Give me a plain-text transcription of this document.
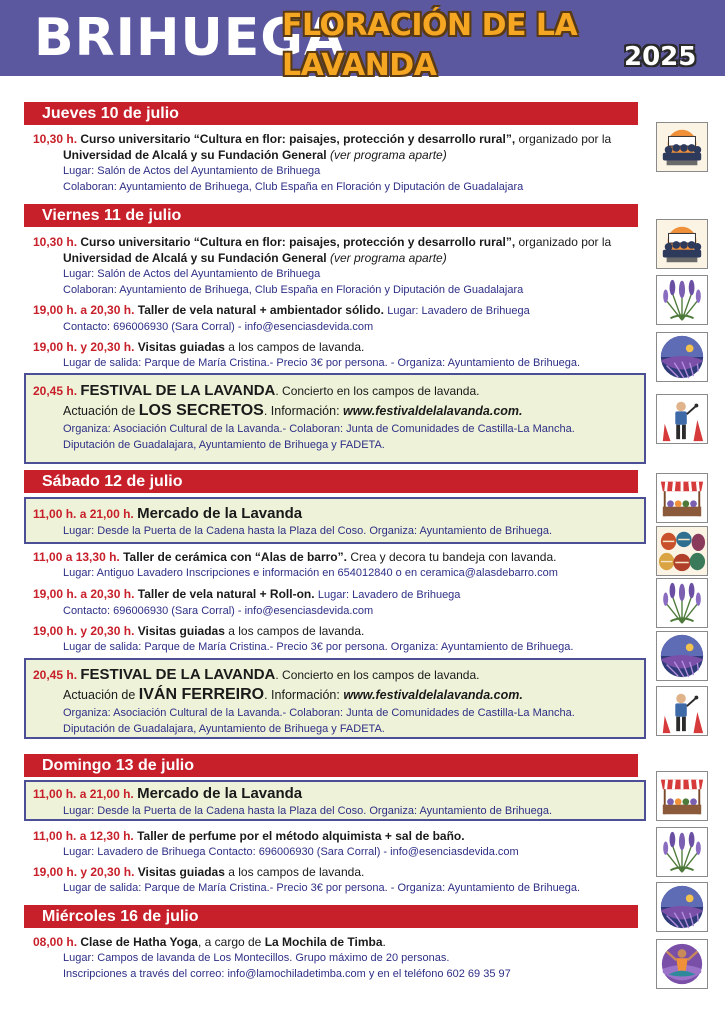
BRIHUEGA
FLORACIÓN DE LA LAVANDA	2025
Jueves 10 de julio
10,30 h. Curso universitario “Cultura en flor: paisajes, protección y desarrollo rural”, organizado por la
Universidad de Alcalá y su Fundación General (ver programa aparte)
Lugar: Salón de Actos del Ayuntamiento de Brihuega
Colaboran: Ayuntamiento de Brihuega, Club España en Floración y Diputación de Guadalajara
Viernes 11 de julio
10,30 h. Curso universitario “Cultura en flor: paisajes, protección y desarrollo rural”, organizado por la
Universidad de Alcalá y su Fundación General (ver programa aparte)
Lugar: Salón de Actos del Ayuntamiento de Brihuega
Colaboran: Ayuntamiento de Brihuega, Club España en Floración y Diputación de Guadalajara
19,00 h. a 20,30 h. Taller de vela natural + ambientador sólido. Lugar: Lavadero de Brihuega
Contacto: 696006930 (Sara Corral) - info@esenciasdevida.com
19,00 h. y 20,30 h. Visitas guiadas a los campos de lavanda.
Lugar de salida: Parque de María Cristina.- Precio 3€ por persona. - Organiza: Ayuntamiento de Brihuega.
20,45 h. FESTIVAL DE LA LAVANDA. Concierto en los campos de lavanda.
Actuación de LOS SECRETOS. Información: www.festivaldelalavanda.com.
Organiza: Asociación Cultural de la Lavanda.- Colaboran: Junta de Comunidades de Castilla-La Mancha.
Diputación de Guadalajara, Ayuntamiento de Brihuega y FADETA.
Sábado 12 de julio
11,00 h. a 21,00 h. Mercado de la Lavanda
Lugar: Desde la Puerta de la Cadena hasta la Plaza del Coso. Organiza: Ayuntamiento de Brihuega.
11,00 a 13,30 h. Taller de cerámica con “Alas de barro”. Crea y decora tu bandeja con lavanda.
Lugar: Antiguo Lavadero Inscripciones e información en 654012840 o en ceramica@alasdebarro.com
19,00 h. a 20,30 h. Taller de vela natural + Roll-on. Lugar: Lavadero de Brihuega
Contacto: 696006930 (Sara Corral) - info@esenciasdevida.com
19,00 h. y 20,30 h. Visitas guiadas a los campos de lavanda.
Lugar de salida: Parque de María Cristina.- Precio 3€ por persona. Organiza: Ayuntamiento de Brihuega.
20,45 h. FESTIVAL DE LA LAVANDA. Concierto en los campos de lavanda.
Actuación de IVÁN FERREIRO. Información: www.festivaldelalavanda.com.
Organiza: Asociación Cultural de la Lavanda.- Colaboran: Junta de Comunidades de Castilla-La Mancha.
Diputación de Guadalajara, Ayuntamiento de Brihuega y FADETA.
Domingo 13 de julio
11,00 h. a 21,00 h. Mercado de la Lavanda
Lugar: Desde la Puerta de la Cadena hasta la Plaza del Coso. Organiza: Ayuntamiento de Brihuega.
11,00 h. a 12,30 h. Taller de perfume por el método alquimista + sal de baño.
Lugar: Lavadero de Brihuega Contacto: 696006930 (Sara Corral) - info@esenciasdevida.com
19,00 h. y 20,30 h. Visitas guiadas a los campos de lavanda.
Lugar de salida: Parque de María Cristina.- Precio 3€ por persona. - Organiza: Ayuntamiento de Brihuega.
Miércoles 16 de julio
08,00 h. Clase de Hatha Yoga, a cargo de La Mochila de Timba.
Lugar: Campos de lavanda de Los Montecillos. Grupo máximo de 20 personas.
Inscripciones a través del correo: info@lamochiladetimba.com y en el teléfono 602 69 35 97
